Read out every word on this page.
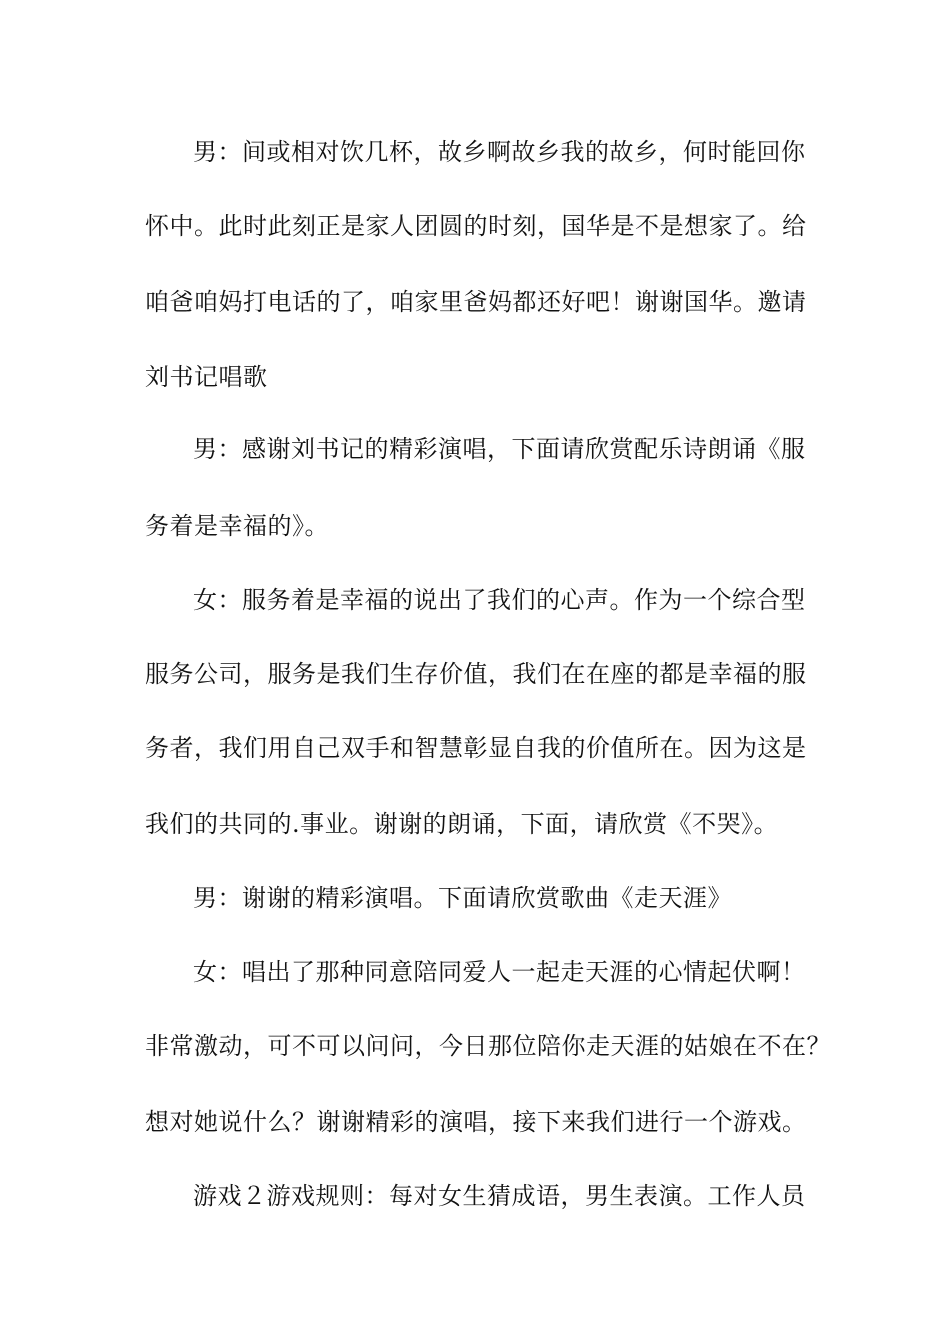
男：间或相对饮几杯，故乡啊故乡我的故乡，何时能回你

怀中。此时此刻正是家人团圆的时刻，国华是不是想家了。给

咱爸咱妈打电话的了，咱家里爸妈都还好吧！谢谢国华。邀请

刘书记唱歌

男：感谢刘书记的精彩演唱，下面请欣赏配乐诗朗诵《服

务着是幸福的》。

女：服务着是幸福的说出了我们的心声。作为一个综合型

服务公司，服务是我们生存价值，我们在在座的都是幸福的服

务者，我们用自己双手和智慧彰显自我的价值所在。因为这是

我们的共同的.事业。谢谢的朗诵，下面，请欣赏《不哭》。

男：谢谢的精彩演唱。下面请欣赏歌曲《走天涯》

女：唱出了那种同意陪同爱人一起走天涯的心情起伏啊！

非常激动，可不可以问问，今日那位陪你走天涯的姑娘在不在？

想对她说什么？谢谢精彩的演唱，接下来我们进行一个游戏。

游戏２游戏规则：每对女生猜成语，男生表演。工作人员
